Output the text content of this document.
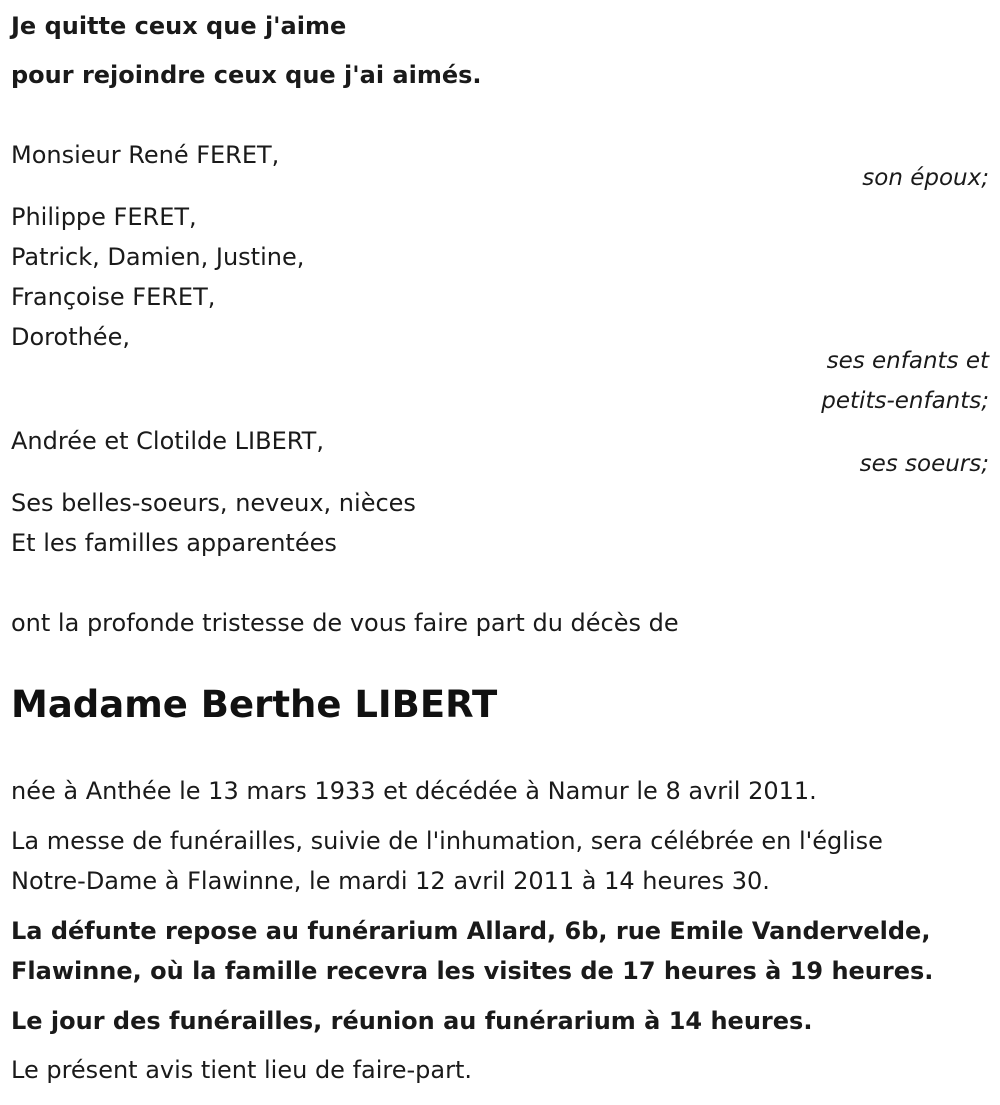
Je quitte ceux que j'aime
pour rejoindre ceux que j'ai aimés.
Monsieur René FERET,
son époux;
Philippe FERET,
Patrick, Damien, Justine,
Françoise FERET,
Dorothée,
ses enfants et
petits-enfants;
Andrée et Clotilde LIBERT,
ses soeurs;
Ses belles-soeurs, neveux, nièces
Et les familles apparentées
ont la profonde tristesse de vous faire part du décès de
Madame Berthe LIBERT
née à Anthée le 13 mars 1933 et décédée à Namur le 8 avril 2011.
La messe de funérailles, suivie de l'inhumation, sera célébrée en l'église
Notre-Dame à Flawinne, le mardi 12 avril 2011 à 14 heures 30.
La défunte repose au funérarium Allard, 6b, rue Emile Vandervelde,
Flawinne, où la famille recevra les visites de 17 heures à 19 heures.
Le jour des funérailles, réunion au funérarium à 14 heures.
Le présent avis tient lieu de faire-part.
